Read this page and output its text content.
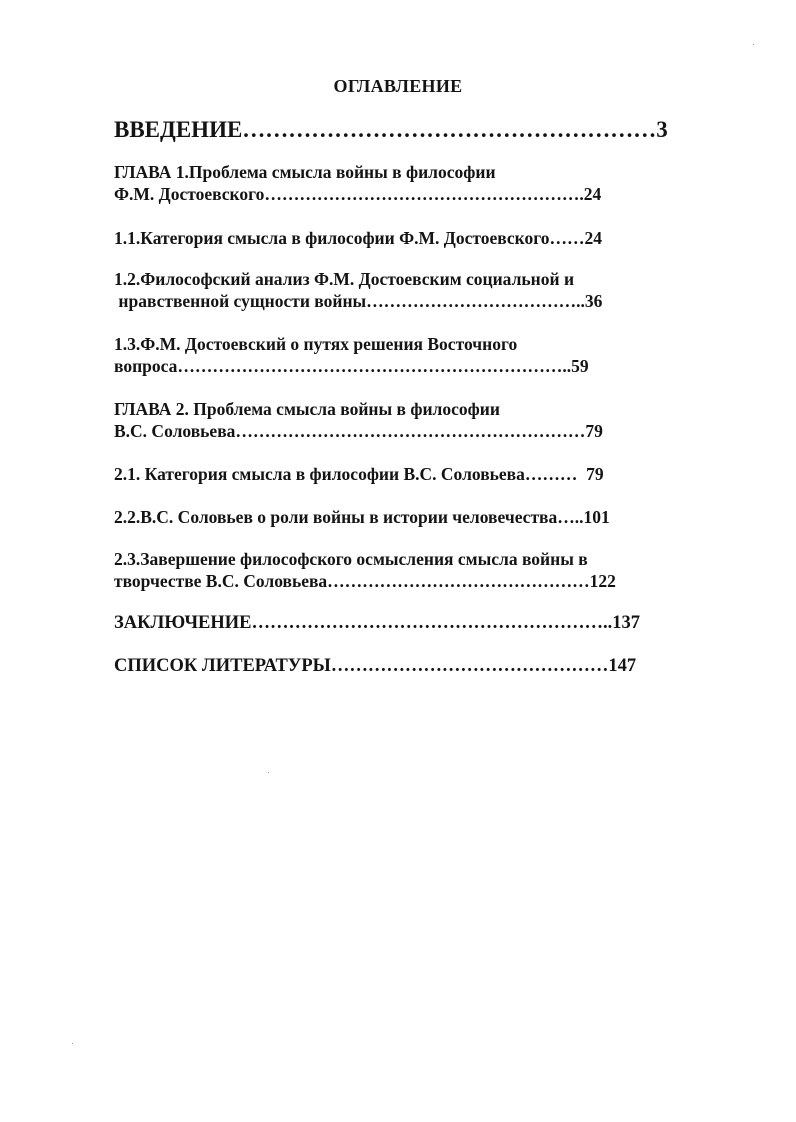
ОГЛАВЛЕНИЕ
ВВЕДЕНИЕ………………………………………………3
ГЛАВА 1.Проблема смысла войны в философии
Ф.М. Достоевского……………………………………………….24
1.1.Категория смысла в философии Ф.М. Достоевского……24
1.2.Философский анализ Ф.М. Достоевским социальной и
нравственной сущности войны………………………………..36
1.3.Ф.М. Достоевский о путях решения Восточного
вопроса…………………………………………………………..59
ГЛАВА 2. Проблема смысла войны в философии
В.С. Соловьева……………………………………………………79
2.1. Категория смысла в философии В.С. Соловьева………  79
2.2.В.С. Соловьев о роли войны в истории человечества…..101
2.3.Завершение философского осмысления смысла войны в
творчестве В.С. Соловьева………………………………………122
ЗАКЛЮЧЕНИЕ…………………………………………………..137
СПИСОК ЛИТЕРАТУРЫ………………………………………147
